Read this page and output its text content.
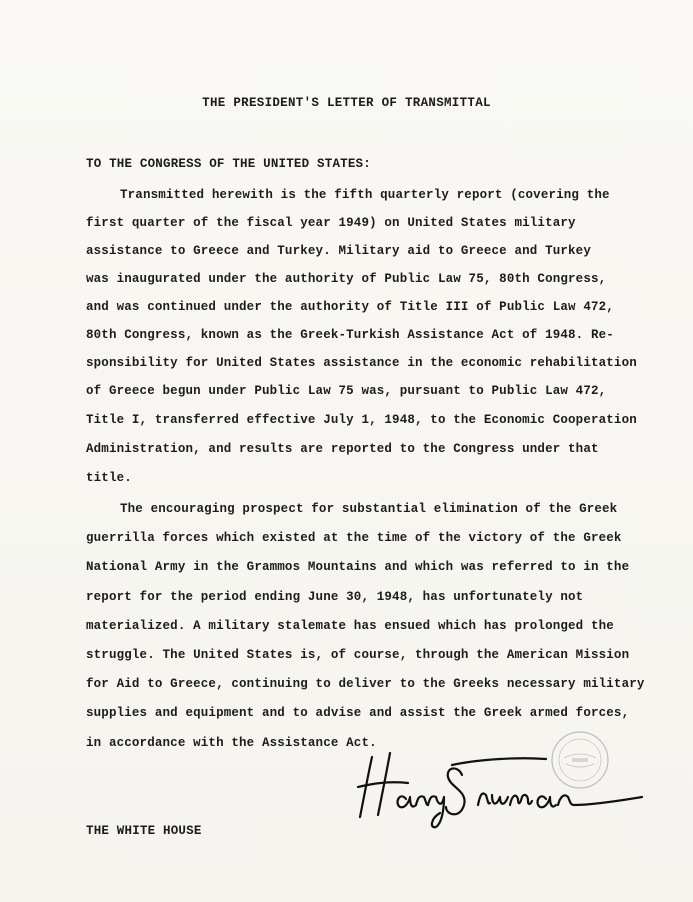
THE PRESIDENT'S LETTER OF TRANSMITTAL
TO THE CONGRESS OF THE UNITED STATES:
Transmitted herewith is the fifth quarterly report (covering the
first quarter of the fiscal year 1949) on United States military
assistance to Greece and Turkey. Military aid to Greece and Turkey
was inaugurated under the authority of Public Law 75, 80th Congress,
and was continued under the authority of Title III of Public Law 472,
80th Congress, known as the Greek-Turkish Assistance Act of 1948. Re-
sponsibility for United States assistance in the economic rehabilitation
of Greece begun under Public Law 75 was, pursuant to Public Law 472,
Title I, transferred effective July 1, 1948, to the Economic Cooperation
Administration, and results are reported to the Congress under that
title.
The encouraging prospect for substantial elimination of the Greek
guerrilla forces which existed at the time of the victory of the Greek
National Army in the Grammos Mountains and which was referred to in the
report for the period ending June 30, 1948, has unfortunately not
materialized. A military stalemate has ensued which has prolonged the
struggle. The United States is, of course, through the American Mission
for Aid to Greece, continuing to deliver to the Greeks necessary military
supplies and equipment and to advise and assist the Greek armed forces,
in accordance with the Assistance Act.
THE WHITE HOUSE
